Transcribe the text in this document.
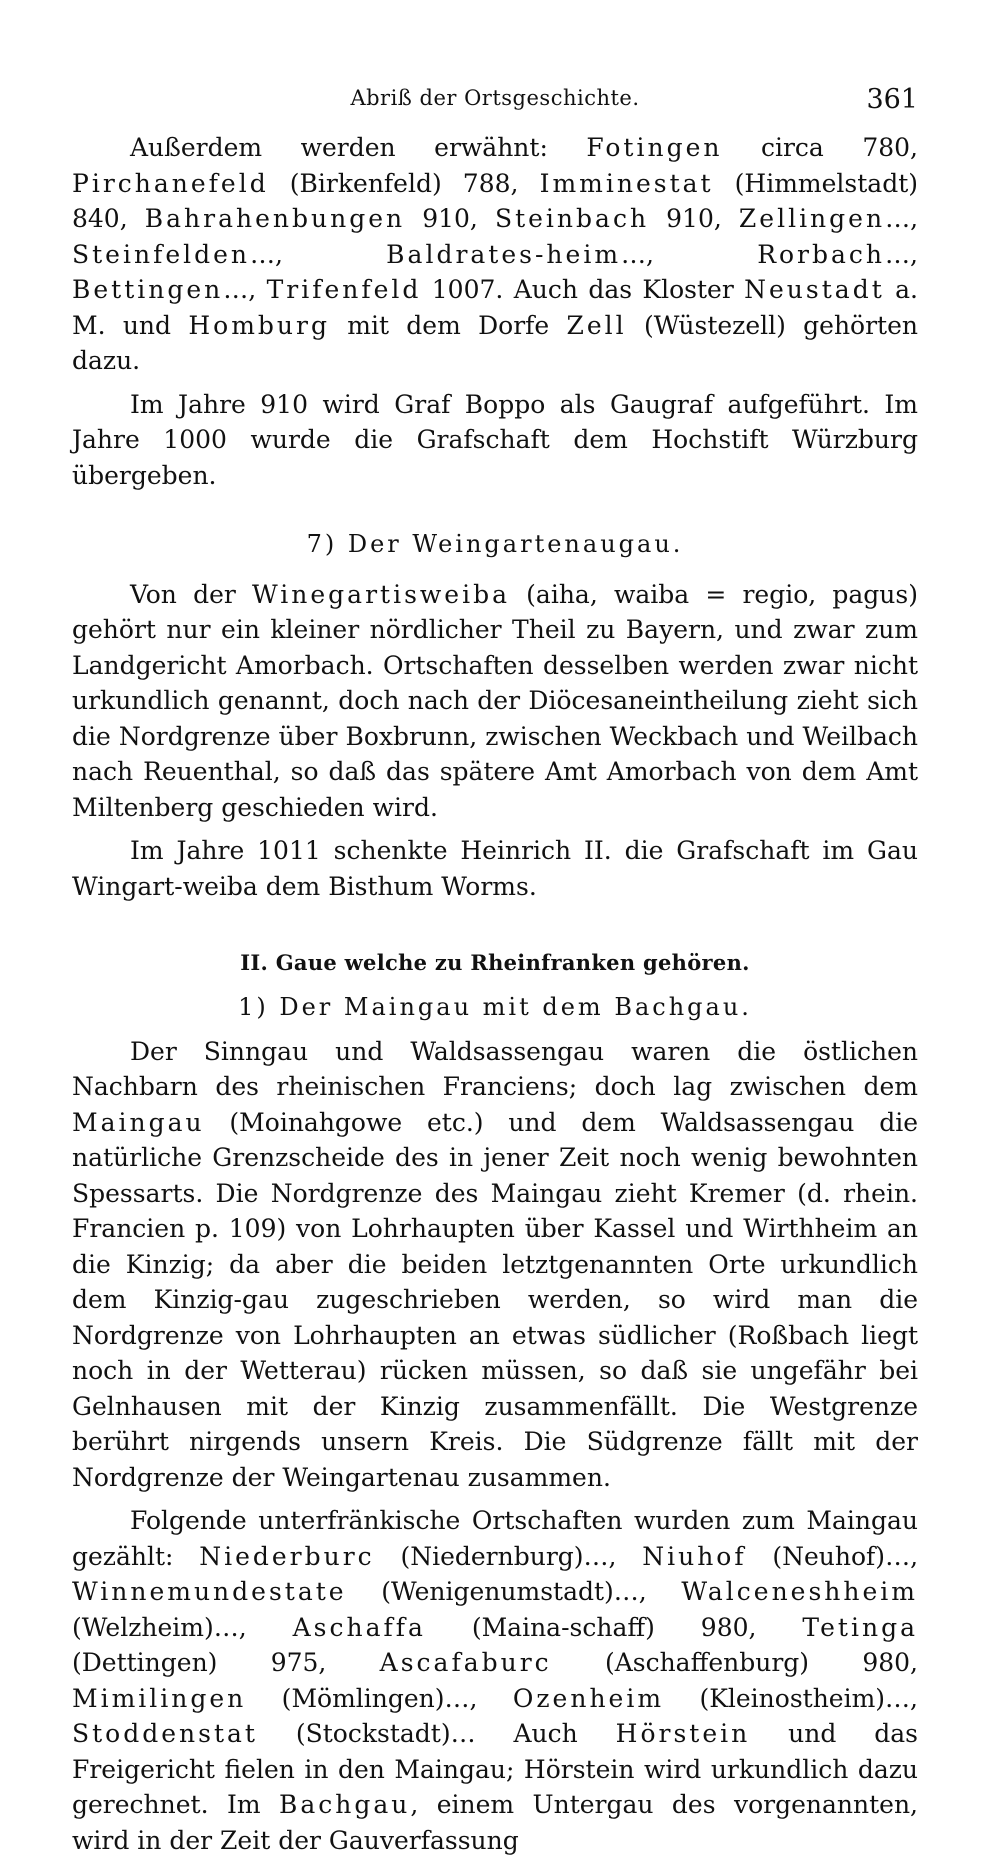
Abriß der Ortsgeschichte.	361

Außerdem werden erwähnt: Fotingen circa 780, Pirchanefeld (Birkenfeld) 788, Imminestat (Himmelstadt) 840, Bahrahenbungen 910, Steinbach 910, Zellingen…, Steinfelden…, Baldrates-heim…, Rorbach…, Bettingen…, Trifenfeld 1007. Auch das Kloster Neustadt a. M. und Homburg mit dem Dorfe Zell (Wüstezell) gehörten dazu.

Im Jahre 910 wird Graf Boppo als Gaugraf aufgeführt. Im Jahre 1000 wurde die Grafschaft dem Hochstift Würzburg übergeben.

7) Der Weingartenaugau.

Von der Winegartisweiba (aiha, waiba = regio, pagus) gehört nur ein kleiner nördlicher Theil zu Bayern, und zwar zum Landgericht Amorbach. Ortschaften desselben werden zwar nicht urkundlich genannt, doch nach der Diöcesaneintheilung zieht sich die Nordgrenze über Boxbrunn, zwischen Weckbach und Weilbach nach Reuenthal, so daß das spätere Amt Amorbach von dem Amt Miltenberg geschieden wird.

Im Jahre 1011 schenkte Heinrich II. die Grafschaft im Gau Wingart-weiba dem Bisthum Worms.

II. Gaue welche zu Rheinfranken gehören.

1) Der Maingau mit dem Bachgau.

Der Sinngau und Waldsassengau waren die östlichen Nachbarn des rheinischen Franciens; doch lag zwischen dem Maingau (Moinahgowe etc.) und dem Waldsassengau die natürliche Grenzscheide des in jener Zeit noch wenig bewohnten Spessarts. Die Nordgrenze des Maingau zieht Kremer (d. rhein. Francien p. 109) von Lohrhaupten über Kassel und Wirthheim an die Kinzig; da aber die beiden letztgenannten Orte urkundlich dem Kinzig-gau zugeschrieben werden, so wird man die Nordgrenze von Lohrhaupten an etwas südlicher (Roßbach liegt noch in der Wetterau) rücken müssen, so daß sie ungefähr bei Gelnhausen mit der Kinzig zusammenfällt. Die Westgrenze berührt nirgends unsern Kreis. Die Südgrenze fällt mit der Nordgrenze der Weingartenau zusammen.

Folgende unterfränkische Ortschaften wurden zum Maingau gezählt: Niederburc (Niedernburg)…, Niuhof (Neuhof)…, Winnemundestate (Wenigenumstadt)…, Walceneshheim (Welzheim)…, Aschaffa (Maina-schaff) 980, Tetinga (Dettingen) 975, Ascafaburc (Aschaffenburg) 980, Mimilingen (Mömlingen)…, Ozenheim (Kleinostheim)…, Stoddenstat (Stockstadt)… Auch Hörstein und das Freigericht fielen in den Maingau; Hörstein wird urkundlich dazu gerechnet. Im Bachgau, einem Untergau des vorgenannten, wird in der Zeit der Gauverfassung
